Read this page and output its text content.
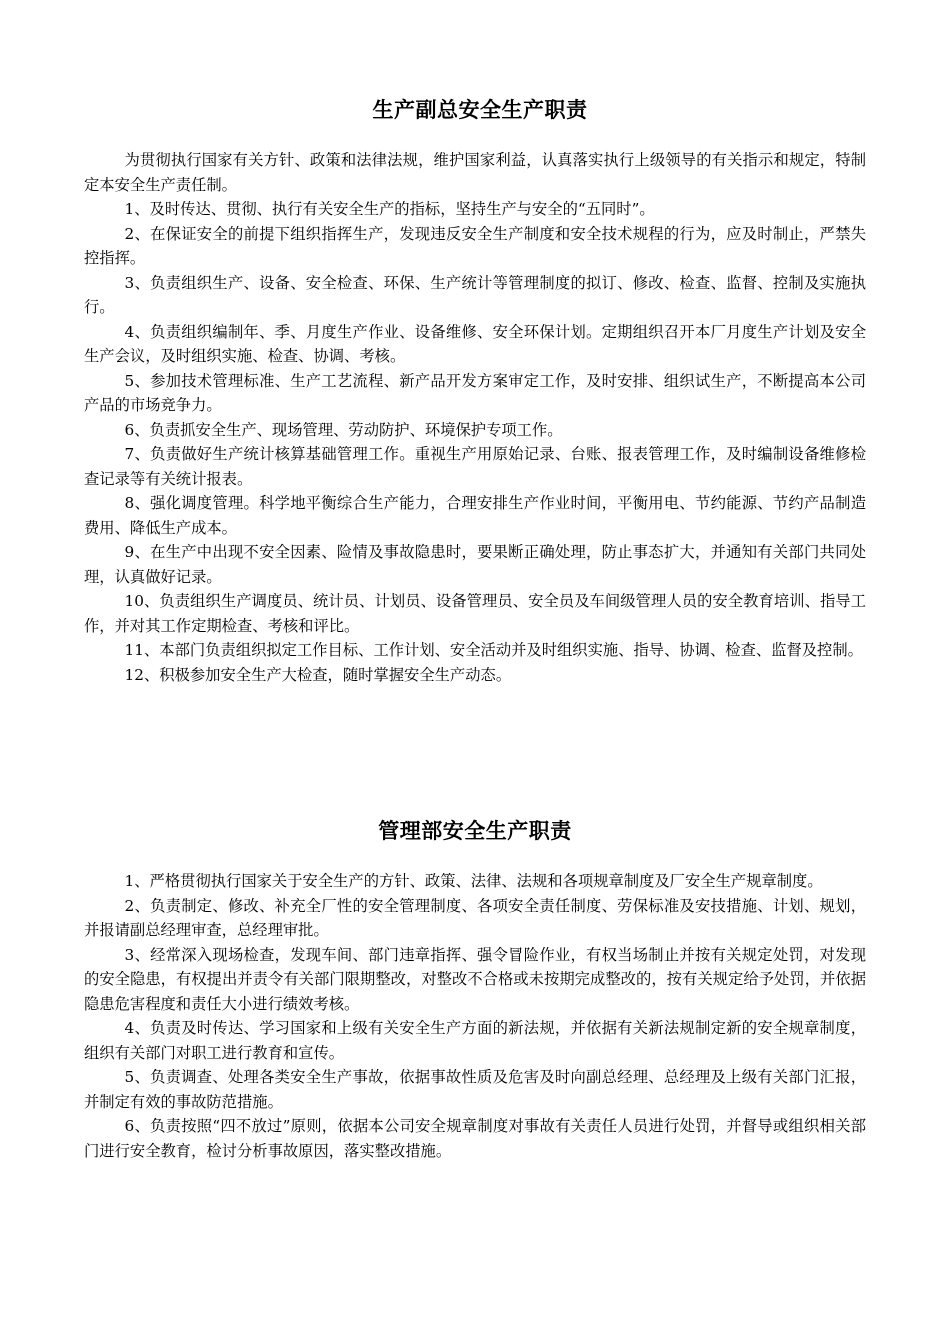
生产副总安全生产职责

为贯彻执行国家有关方针、政策和法律法规，维护国家利益，认真落实执行上级领导的有关指示和规定，特制定本安全生产责任制。

1、及时传达、贯彻、执行有关安全生产的指标，坚持生产与安全的“五同时”。

2、在保证安全的前提下组织指挥生产，发现违反安全生产制度和安全技术规程的行为，应及时制止，严禁失控指挥。

3、负责组织生产、设备、安全检查、环保、生产统计等管理制度的拟订、修改、检查、监督、控制及实施执行。

4、负责组织编制年、季、月度生产作业、设备维修、安全环保计划。定期组织召开本厂月度生产计划及安全生产会议，及时组织实施、检查、协调、考核。

5、参加技术管理标准、生产工艺流程、新产品开发方案审定工作，及时安排、组织试生产，不断提高本公司产品的市场竞争力。

6、负责抓安全生产、现场管理、劳动防护、环境保护专项工作。

7、负责做好生产统计核算基础管理工作。重视生产用原始记录、台账、报表管理工作，及时编制设备维修检查记录等有关统计报表。

8、强化调度管理。科学地平衡综合生产能力，合理安排生产作业时间，平衡用电、节约能源、节约产品制造费用、降低生产成本。

9、在生产中出现不安全因素、险情及事故隐患时，要果断正确处理，防止事态扩大，并通知有关部门共同处理，认真做好记录。

10、负责组织生产调度员、统计员、计划员、设备管理员、安全员及车间级管理人员的安全教育培训、指导工作，并对其工作定期检查、考核和评比。

11、本部门负责组织拟定工作目标、工作计划、安全活动并及时组织实施、指导、协调、检查、监督及控制。

12、积极参加安全生产大检查，随时掌握安全生产动态。

管理部安全生产职责

1、严格贯彻执行国家关于安全生产的方针、政策、法律、法规和各项规章制度及厂安全生产规章制度。

2、负责制定、修改、补充全厂性的安全管理制度、各项安全责任制度、劳保标准及安技措施、计划、规划，并报请副总经理审查，总经理审批。

3、经常深入现场检查，发现车间、部门违章指挥、强令冒险作业，有权当场制止并按有关规定处罚，对发现的安全隐患，有权提出并责令有关部门限期整改，对整改不合格或未按期完成整改的，按有关规定给予处罚，并依据隐患危害程度和责任大小进行绩效考核。

4、负责及时传达、学习国家和上级有关安全生产方面的新法规，并依据有关新法规制定新的安全规章制度，组织有关部门对职工进行教育和宣传。

5、负责调查、处理各类安全生产事故，依据事故性质及危害及时向副总经理、总经理及上级有关部门汇报，并制定有效的事故防范措施。

6、负责按照“四不放过”原则，依据本公司安全规章制度对事故有关责任人员进行处罚，并督导或组织相关部门进行安全教育，检讨分析事故原因，落实整改措施。
